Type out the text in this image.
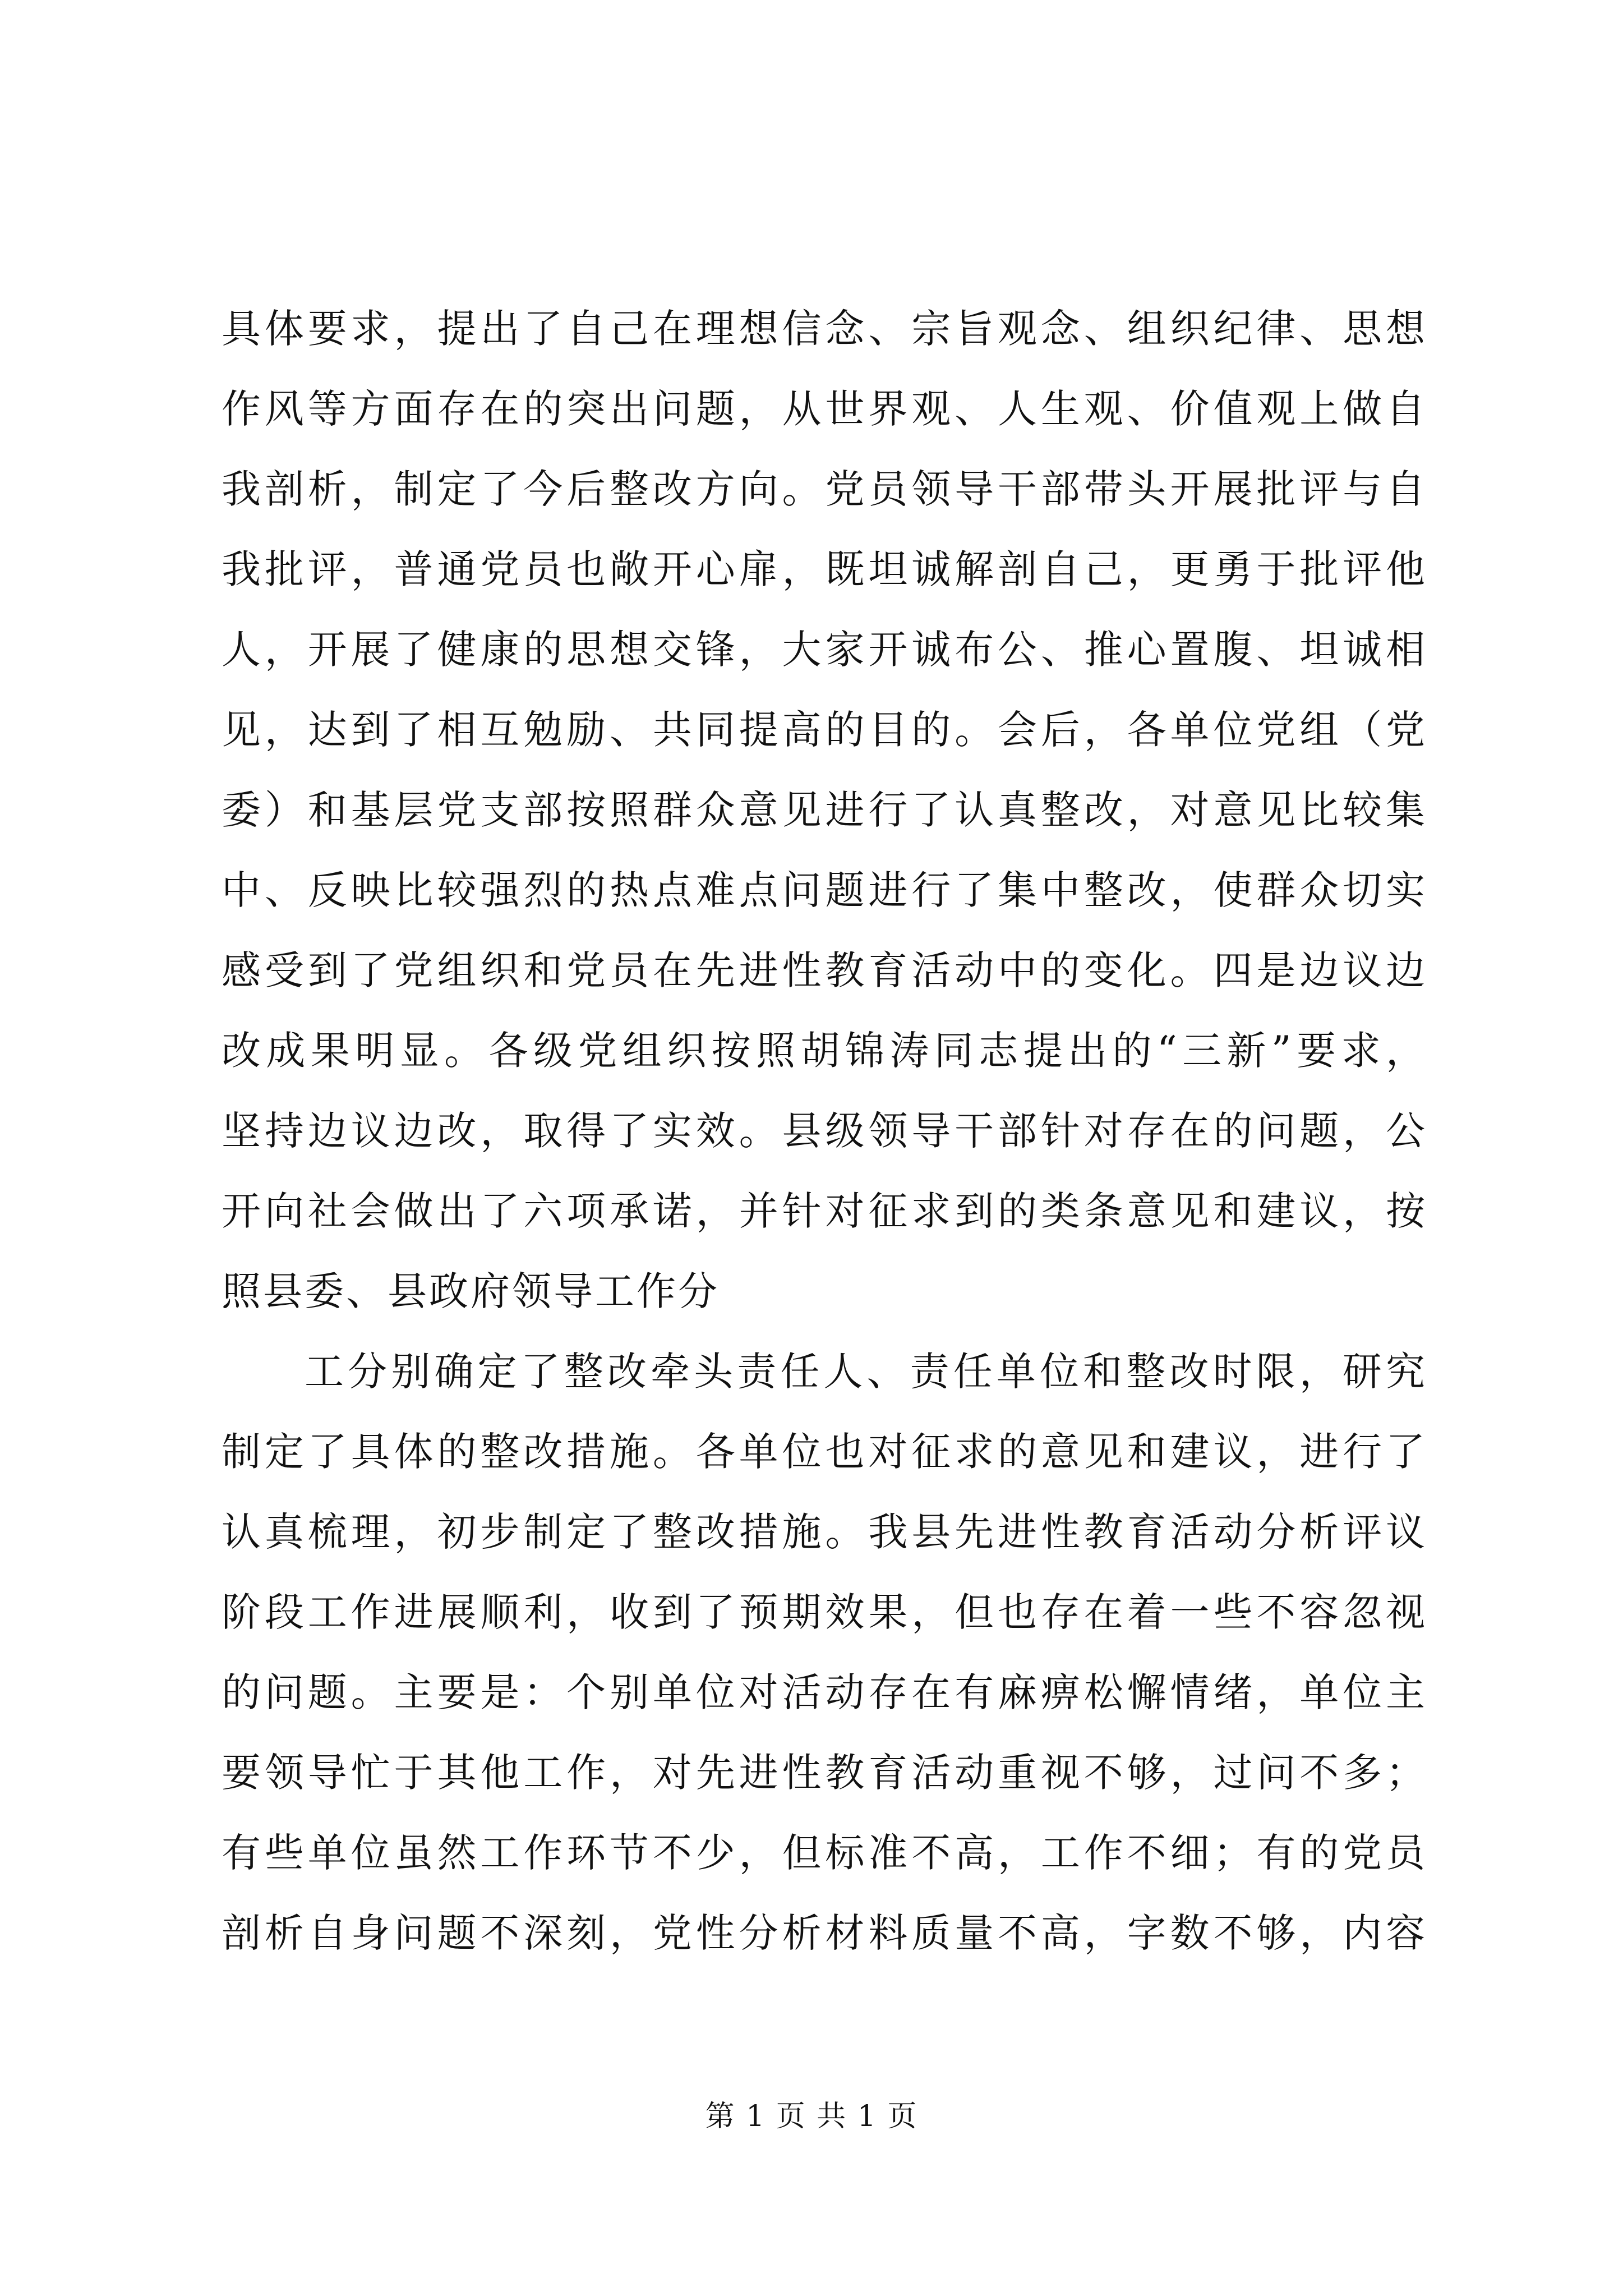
具体要求，提出了自己在理想信念、宗旨观念、组织纪律、思想
作风等方面存在的突出问题，从世界观、人生观、价值观上做自
我剖析，制定了今后整改方向。党员领导干部带头开展批评与自
我批评，普通党员也敞开心扉，既坦诚解剖自己，更勇于批评他
人，开展了健康的思想交锋，大家开诚布公、推心置腹、坦诚相
见，达到了相互勉励、共同提高的目的。会后，各单位党组（党
委）和基层党支部按照群众意见进行了认真整改，对意见比较集
中、反映比较强烈的热点难点问题进行了集中整改，使群众切实
感受到了党组织和党员在先进性教育活动中的变化。四是边议边
改成果明显。各级党组织按照胡锦涛同志提出的“三新”要求，
坚持边议边改，取得了实效。县级领导干部针对存在的问题，公
开向社会做出了六项承诺，并针对征求到的类条意见和建议，按
照县委、县政府领导工作分
工分别确定了整改牵头责任人、责任单位和整改时限，研究
制定了具体的整改措施。各单位也对征求的意见和建议，进行了
认真梳理，初步制定了整改措施。我县先进性教育活动分析评议
阶段工作进展顺利，收到了预期效果，但也存在着一些不容忽视
的问题。主要是：个别单位对活动存在有麻痹松懈情绪，单位主
要领导忙于其他工作，对先进性教育活动重视不够，过问不多；
有些单位虽然工作环节不少，但标准不高，工作不细；有的党员
剖析自身问题不深刻，党性分析材料质量不高，字数不够，内容
第 1 页 共 1 页
